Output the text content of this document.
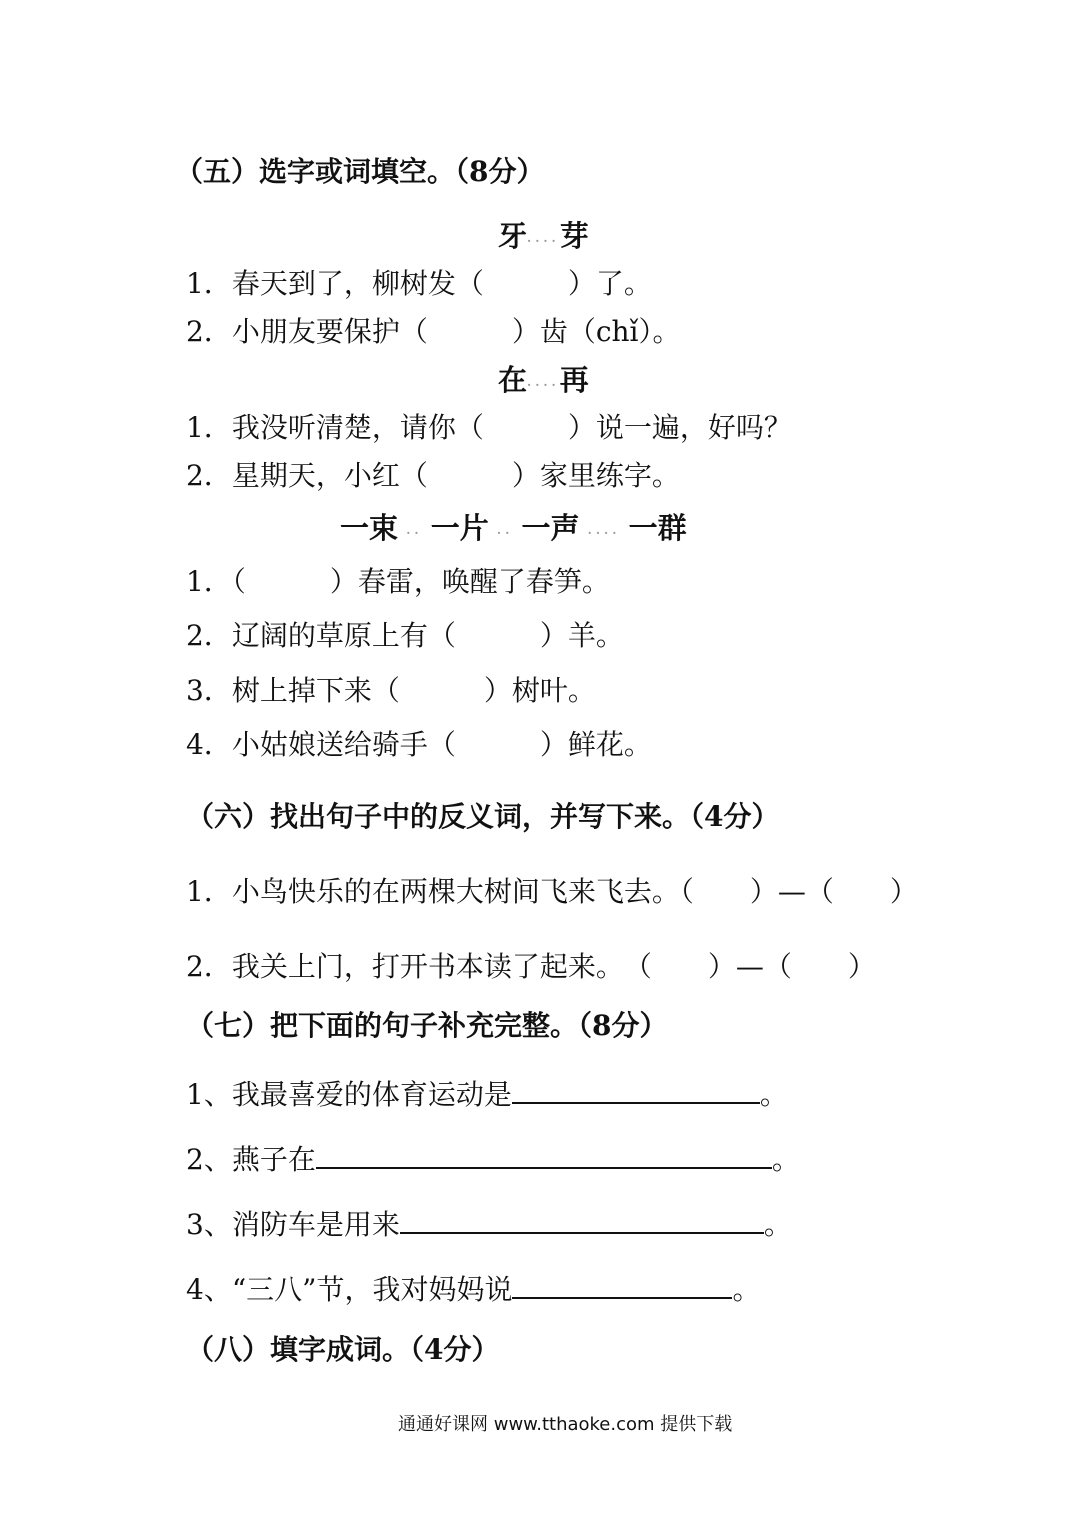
（五）选字或词填空。（8分）
牙....芽
1．春天到了，柳树发（　　　）了。
2．小朋友要保护（　　　）齿（chǐ）。
在....再
1．我没听清楚，请你（　　　）说一遍，好吗？
2．星期天，小红（　　　）家里练字。
一束 .. 一片 .. 一声 .... 一群
1．（　　　）春雷，唤醒了春笋。
2．辽阔的草原上有（　　　）羊。
3．树上掉下来（　　　）树叶。
4．小姑娘送给骑手（　　　）鲜花。
（六）找出句子中的反义词，并写下来。（4分）
1．小鸟快乐的在两棵大树间飞来飞去。（　　）—（　　）
2．我关上门，打开书本读了起来。　（　　）—（　　）
（七）把下面的句子补充完整。（8分）
1、我最喜爱的体育运动是	。
2、燕子在	。
3、消防车是用来	。
4、“三八”节，我对妈妈说	。
（八）填字成词。（4分）
通通好课网 www.tthaoke.com 提供下载
